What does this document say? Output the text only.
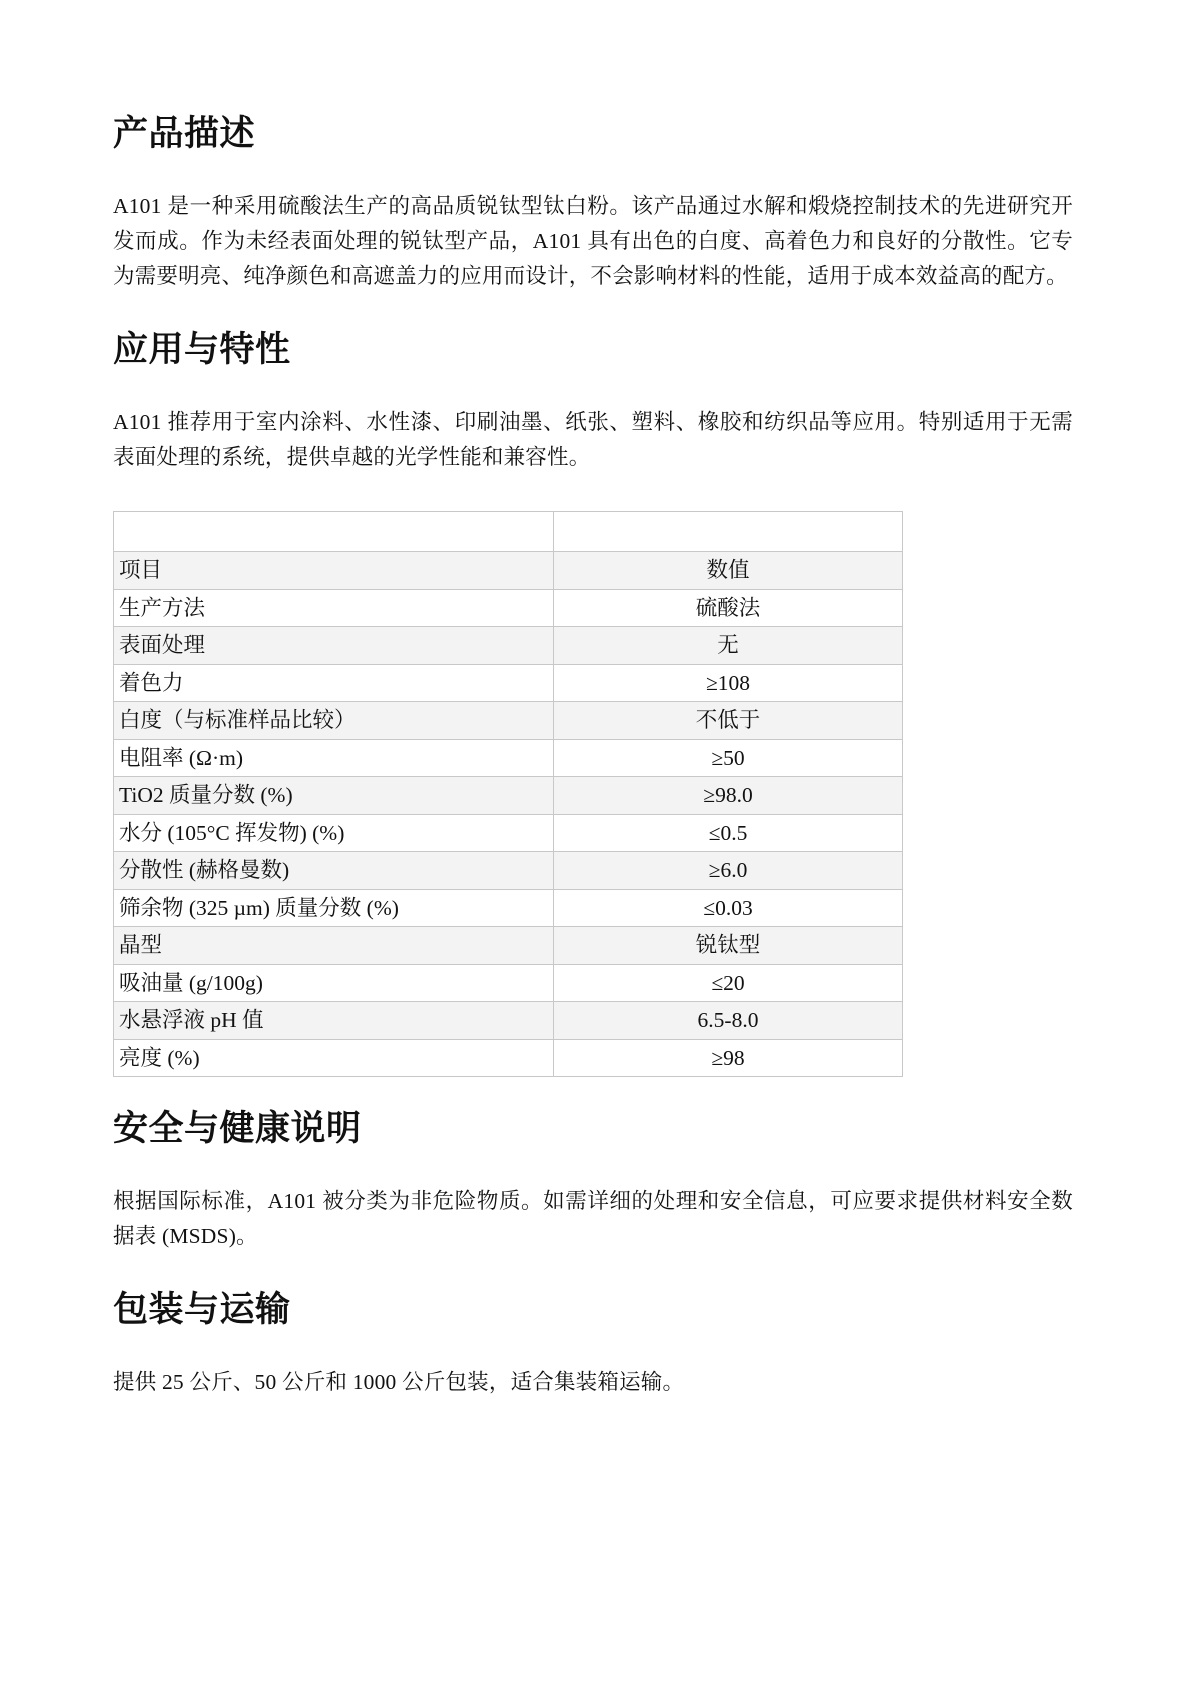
产品描述

A101 是一种采用硫酸法生产的高品质锐钛型钛白粉。该产品通过水解和煅烧控制技术的先进研究开发而成。作为未经表面处理的锐钛型产品，A101 具有出色的白度、高着色力和良好的分散性。它专为需要明亮、纯净颜色和高遮盖力的应用而设计，不会影响材料的性能，适用于成本效益高的配方。

应用与特性

A101 推荐用于室内涂料、水性漆、印刷油墨、纸张、塑料、橡胶和纺织品等应用。特别适用于无需表面处理的系统，提供卓越的光学性能和兼容性。

项目	数值
生产方法	硫酸法
表面处理	无
着色力	≥108
白度（与标准样品比较）	不低于
电阻率 (Ω·m)	≥50
TiO2 质量分数 (%)	≥98.0
水分 (105°C 挥发物) (%)	≤0.5
分散性 (赫格曼数)	≥6.0
筛余物 (325 µm) 质量分数 (%)	≤0.03
晶型	锐钛型
吸油量 (g/100g)	≤20
水悬浮液 pH 值	6.5-8.0
亮度 (%)	≥98
安全与健康说明

根据国际标准，A101 被分类为非危险物质。如需详细的处理和安全信息，可应要求提供材料安全数据表 (MSDS)。

包装与运输

提供 25 公斤、50 公斤和 1000 公斤包装，适合集装箱运输。
